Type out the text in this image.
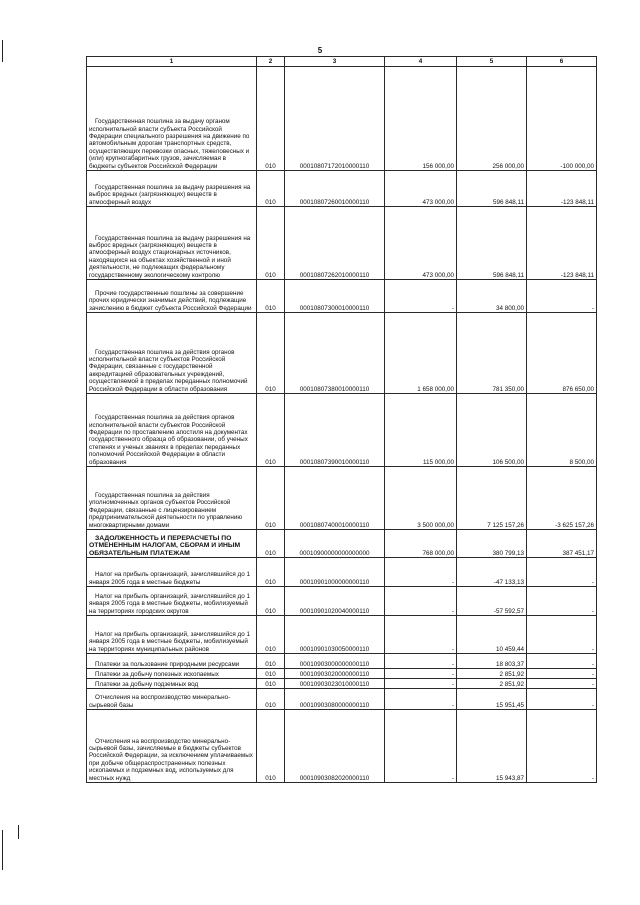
5
1	2	3	4	5	6
Государственная пошлина за выдачу органом исполнительной власти субъекта Российской Федерации специального разрешения на движение по автомобильным дорогам транспортных средств, осуществляющих перевозки опасных, тяжеловесных и (или) крупногабаритных грузов, зачисляемая в бюджеты субъектов Российской Федерации	010	00010807172010000110	156 000,00	256 000,00	-100 000,00
Государственная пошлина за выдачу разрешения на выброс вредных (загрязняющих) веществ в атмосферный воздух	010	00010807260010000110	473 000,00	596 848,11	-123 848,11
Государственная пошлина за выдачу разрешения на выброс вредных (загрязняющих) веществ в атмосферный воздух стационарных источников, находящихся на объектах хозяйственной и иной деятельности, не подлежащих федеральному государственному экологическому контролю	010	00010807262010000110	473 000,00	596 848,11	-123 848,11
Прочие государственные пошлины за совершение прочих юридически значимых действий, подлежащие зачислению в бюджет субъекта Российской Федерации	010	00010807300010000110	-	34 800,00	-
Государственная пошлина за действия органов исполнительной власти субъектов Российской Федерации, связанные с государственной аккредитацией образовательных учреждений, осуществляемой в пределах переданных полномочий Российской Федерации в области образования	010	00010807380010000110	1 658 000,00	781 350,00	876 650,00
Государственная пошлина за действия органов исполнительной власти субъектов Российской Федерации по проставлению апостиля на документах государственного образца об образовании, об ученых степенях и ученых званиях в пределах переданных полномочий Российской Федерации в области образования	010	00010807390010000110	115 000,00	106 500,00	8 500,00
Государственная пошлина за действия уполномоченных органов субъектов Российской Федерации, связанные с лицензированием предпринимательской деятельности по управлению многоквартирными домами	010	00010807400010000110	3 500 000,00	7 125 157,26	-3 625 157,26
ЗАДОЛЖЕННОСТЬ И ПЕРЕРАСЧЕТЫ ПО ОТМЕНЕННЫМ НАЛОГАМ, СБОРАМ И ИНЫМ ОБЯЗАТЕЛЬНЫМ ПЛАТЕЖАМ	010	00010900000000000000	768 000,00	380 799,13	387 451,17
Налог на прибыль организаций, зачислявшийся до 1 января 2005 года в местные бюджеты	010	00010901000000000110	-	-47 133,13	-
Налог на прибыль организаций, зачислявшийся до 1 января 2005 года в местные бюджеты, мобилизуемый на территориях городских округов	010	00010901020040000110	-	-57 592,57	-
Налог на прибыль организаций, зачислявшийся до 1 января 2005 года в местные бюджеты, мобилизуемый на территориях муниципальных районов	010	00010901030050000110	-	10 459,44	-
Платежи за пользование природными ресурсами	010	00010903000000000110	-	18 803,37	-
Платежи за добычу полезных ископаемых	010	00010903020000000110	-	2 851,92	-
Платежи за добычу подземных вод	010	00010903023010000110	-	2 851,92	-
Отчисления на воспроизводство минерально-сырьевой базы	010	00010903080000000110	-	15 951,45	-
Отчисления на воспроизводство минерально-сырьевой базы, зачисляемые в бюджеты субъектов Российской Федерации, за исключением уплачиваемых при добыче общераспространенных полезных ископаемых и подземных вод, используемых для местных нужд	010	00010903082020000110	-	15 943,87	-
